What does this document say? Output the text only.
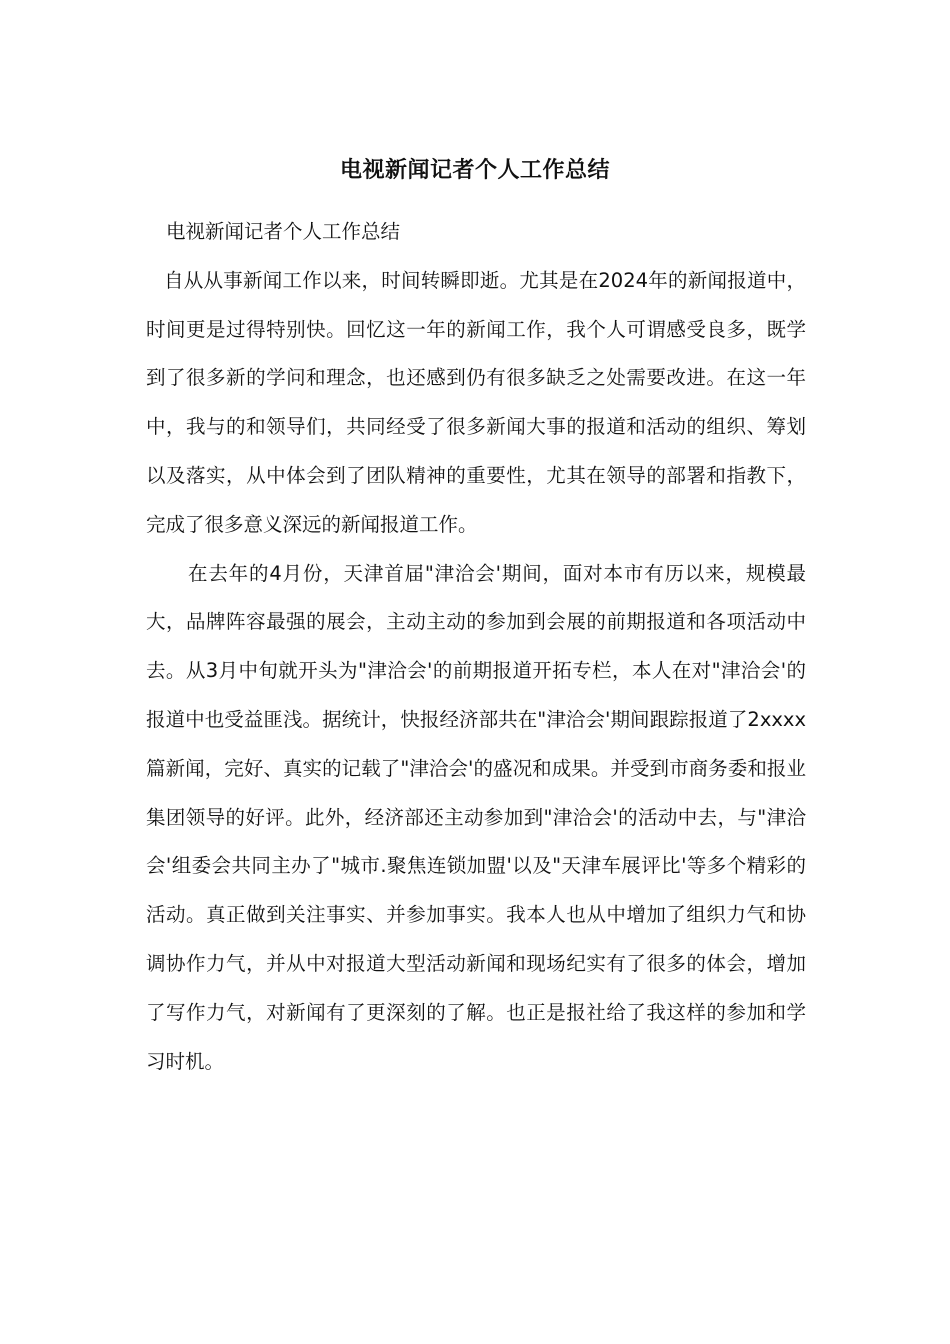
电视新闻记者个人工作总结

电视新闻记者个人工作总结

自从从事新闻工作以来，时间转瞬即逝。尤其是在2024年的新闻报道中，时间更是过得特别快。回忆这一年的新闻工作，我个人可谓感受良多，既学到了很多新的学问和理念，也还感到仍有很多缺乏之处需要改进。在这一年中，我与的和领导们，共同经受了很多新闻大事的报道和活动的组织、筹划以及落实，从中体会到了团队精神的重要性，尤其在领导的部署和指教下，完成了很多意义深远的新闻报道工作。

在去年的4月份，天津首届"津洽会'期间，面对本市有历以来，规模最大，品牌阵容最强的展会，主动主动的参加到会展的前期报道和各项活动中去。从3月中旬就开头为"津洽会'的前期报道开拓专栏，本人在对"津洽会'的报道中也受益匪浅。据统计，快报经济部共在"津洽会'期间跟踪报道了2xxxx篇新闻，完好、真实的记载了"津洽会'的盛况和成果。并受到市商务委和报业集团领导的好评。此外，经济部还主动参加到"津洽会'的活动中去，与"津洽会'组委会共同主办了"城市.聚焦连锁加盟'以及"天津车展评比'等多个精彩的活动。真正做到关注事实、并参加事实。我本人也从中增加了组织力气和协调协作力气，并从中对报道大型活动新闻和现场纪实有了很多的体会，增加了写作力气，对新闻有了更深刻的了解。也正是报社给了我这样的参加和学习时机。
